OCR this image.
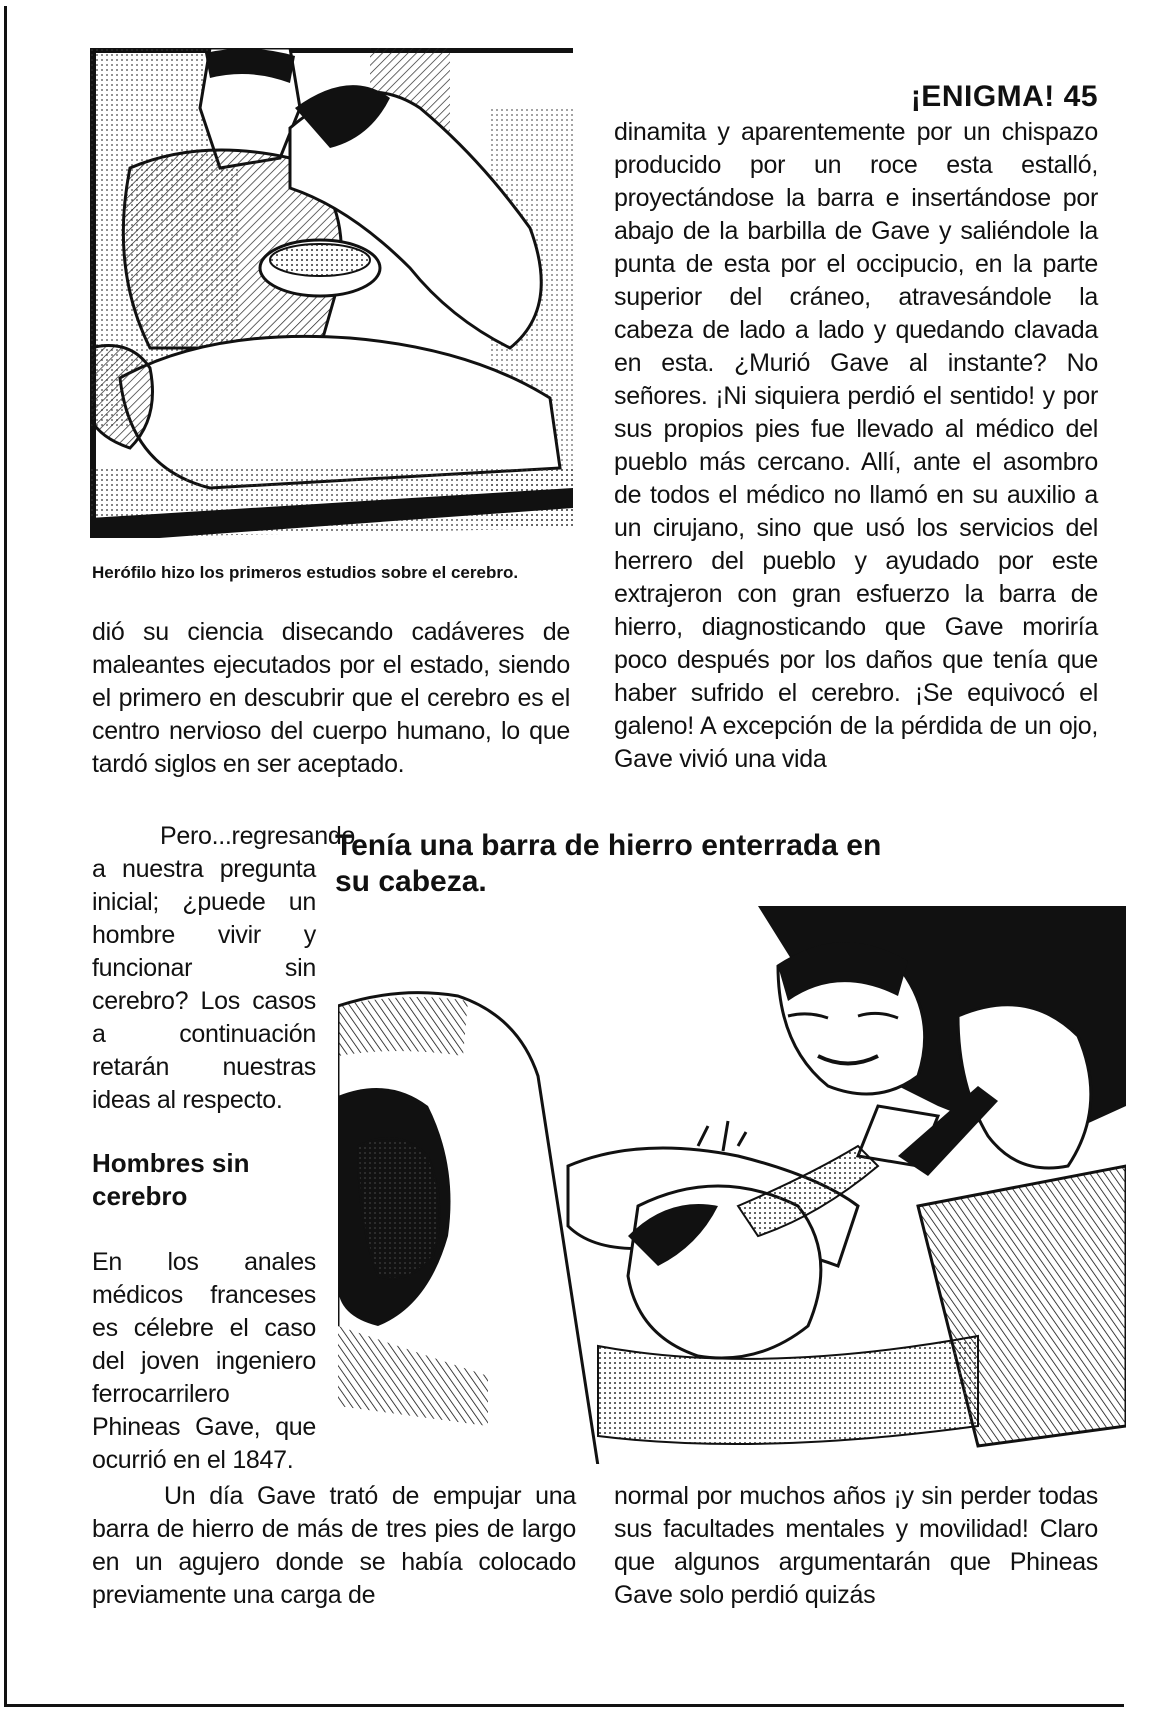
¡ENIGMA! 45
Herófilo hizo los primeros estudios sobre el cerebro.

dió su ciencia disecando cadáveres de maleantes ejecutados por el estado, siendo el primero en descubrir que el cerebro es el centro nervioso del cuerpo humano, lo que tardó siglos en ser aceptado.

dinamita y aparentemente por un chispazo producido por un roce esta estalló, proyectándose la barra e insertándose por abajo de la barbilla de Gave y saliéndole la punta de esta por el occipucio, en la parte superior del cráneo, atravesándole la cabeza de lado a lado y quedando clavada en esta. ¿Murió Gave al instante? No señores. ¡Ni siquiera perdió el sentido! y por sus propios pies fue llevado al médico del pueblo más cercano. Allí, ante el asombro de todos el médico no llamó en su auxilio a un cirujano, sino que usó los servicios del herrero del pueblo y ayudado por este extrajeron con gran esfuerzo la barra de hierro, diagnosticando que Gave moriría poco después por los daños que tenía que haber sufrido el cerebro. ¡Se equivocó el galeno! A excepción de la pérdida de un ojo, Gave vivió una vida

Tenía una barra de hierro enterrada en su cabeza.

Pero...regresando a nuestra pregunta inicial; ¿puede un hombre vivir y funcionar sin cerebro? Los casos a continuación retarán nuestras ideas al respecto.

Hombres sin cerebro

En los anales médicos franceses es célebre el caso del joven ingeniero ferrocarrilero Phineas Gave, que ocurrió en el 1847.

Un día Gave trató de empujar una barra de hierro de más de tres pies de largo en un agujero donde se había colocado previamente una carga de

normal por muchos años ¡y sin perder todas sus facultades mentales y movilidad! Claro que algunos argumentarán que Phineas Gave solo perdió quizás
